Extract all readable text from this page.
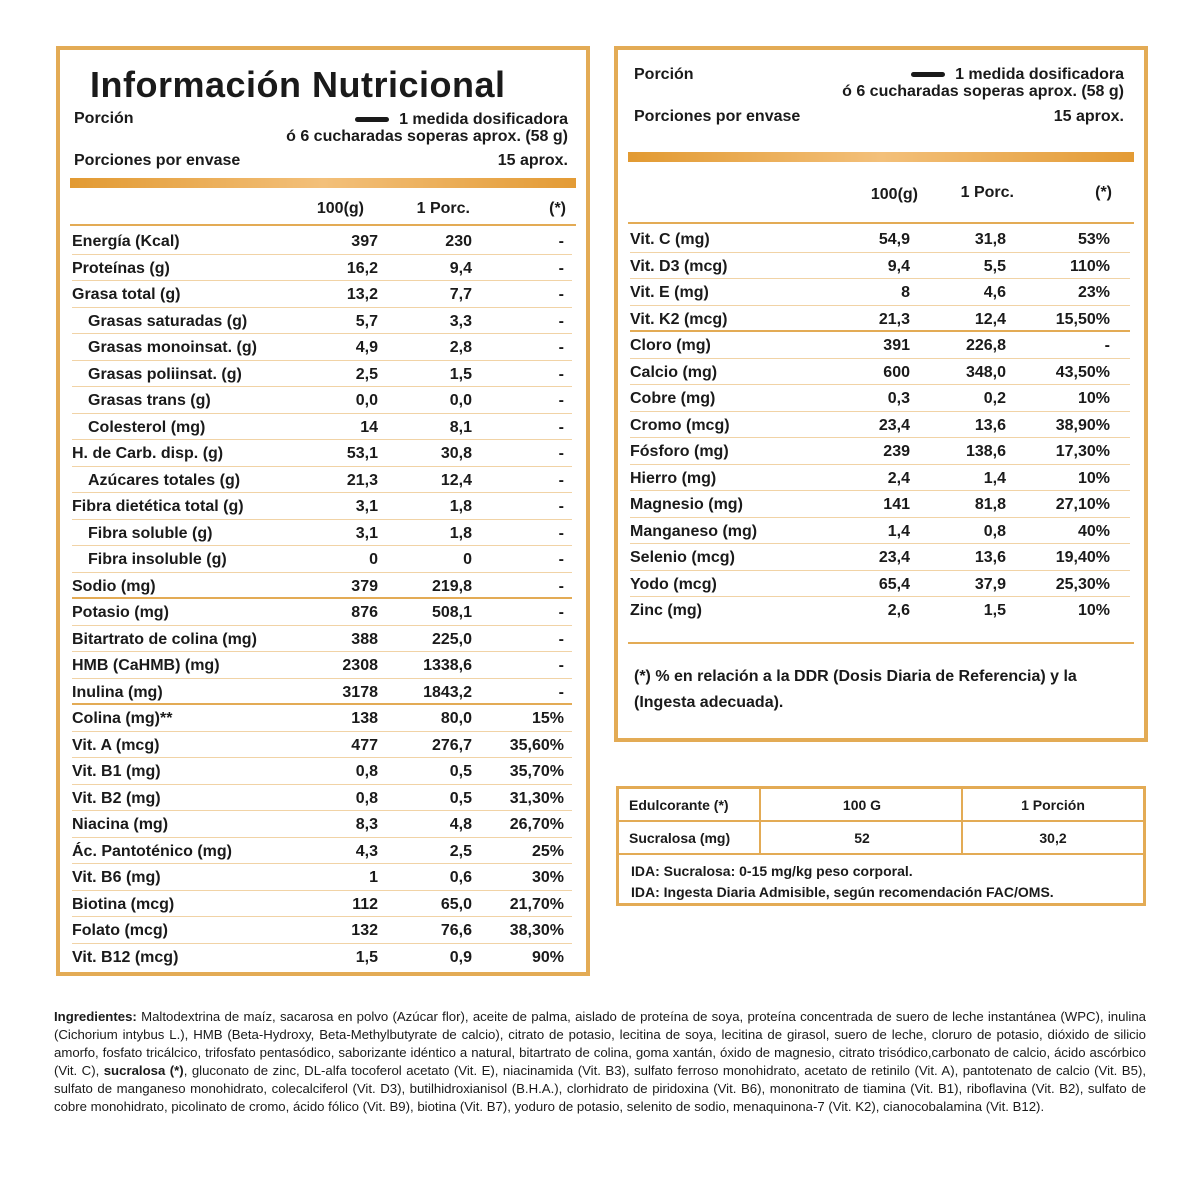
Información Nutricional
Porción	1 medida dosificadora
ó 6 cucharadas soperas aprox. (58 g)
Porciones por envase	15 aprox.
100(g)	1 Porc.	(*)
Energía (Kcal)	397	230	-
Proteínas (g)	16,2	9,4	-
Grasa total (g)	13,2	7,7	-
Grasas saturadas (g)	5,7	3,3	-
Grasas monoinsat. (g)	4,9	2,8	-
Grasas poliinsat. (g)	2,5	1,5	-
Grasas trans (g)	0,0	0,0	-
Colesterol (mg)	14	8,1	-
H. de Carb. disp. (g)	53,1	30,8	-
Azúcares totales (g)	21,3	12,4	-
Fibra dietética total (g)	3,1	1,8	-
Fibra soluble (g)	3,1	1,8	-
Fibra insoluble (g)	0	0	-
Sodio (mg)	379	219,8	-
Potasio (mg)	876	508,1	-
Bitartrato de colina (mg)	388	225,0	-
HMB (CaHMB) (mg)	2308	1338,6	-
Inulina (mg)	3178	1843,2	-
Colina (mg)**	138	80,0	15%
Vit. A (mcg)	477	276,7 35,60%
Vit. B1 (mg)	0,8	0,5 35,70%
Vit. B2 (mg)	0,8	0,5 31,30%
Niacina (mg)	8,3	4,8 26,70%
Ác. Pantoténico (mg)	4,3	2,5	25%
Vit. B6 (mg)	1	0,6	30%
Biotina (mcg)	112	65,0 21,70%
Folato (mcg)	132	76,6 38,30%
Vit. B12 (mcg)	1,5	0,9	90%
Porción	1 medida dosificadora
ó 6 cucharadas soperas aprox. (58 g)
Porciones por envase	15 aprox.
100(g)	1 Porc.	(*)
Vit. C (mg)	54,9	31,8	53%
Vit. D3 (mcg)	9,4	5,5	110%
Vit. E (mg)	8	4,6	23%
Vit. K2 (mcg)	21,3	12,4	15,50%
Cloro (mg)	391	226,8	-
Calcio (mg)	600	348,0	43,50%
Cobre (mg)	0,3	0,2	10%
Cromo (mcg)	23,4	13,6	38,90%
Fósforo (mg)	239	138,6	17,30%
Hierro (mg)	2,4	1,4	10%
Magnesio (mg)	141	81,8	27,10%
Manganeso (mg)	1,4	0,8	40%
Selenio (mcg)	23,4	13,6	19,40%
Yodo (mcg)	65,4	37,9	25,30%
Zinc (mg)	2,6	1,5	10%
(*) % en relación a la DDR (Dosis Diaria de Referencia) y la (Ingesta adecuada).
Edulcorante (*)	100 G	1 Porción
Sucralosa (mg)	52	30,2
IDA: Sucralosa: 0-15 mg/kg peso corporal.
IDA: Ingesta Diaria Admisible, según recomendación FAC/OMS.
Ingredientes: Maltodextrina de maíz, sacarosa en polvo (Azúcar flor), aceite de palma, aislado de proteína de soya, proteína concentrada de suero de leche instantánea (WPC), inulina (Cichorium intybus L.), HMB (Beta-Hydroxy, Beta-Methylbutyrate de calcio), citrato de potasio, lecitina de soya, lecitina de girasol, suero de leche, cloruro de potasio, dióxido de silicio amorfo, fosfato tricálcico, trifosfato pentasódico, saborizante idéntico a natural, bitartrato de colina, goma xantán, óxido de magnesio, citrato trisódico,carbonato de calcio, ácido ascórbico (Vit. C), sucralosa (*), gluconato de zinc, DL-alfa tocoferol acetato (Vit. E), niacinamida (Vit. B3), sulfato ferroso monohidrato, acetato de retinilo (Vit. A), pantotenato de calcio (Vit. B5), sulfato de manganeso monohidrato, colecalciferol (Vit. D3), butilhidroxianisol (B.H.A.), clorhidrato de piridoxina (Vit. B6), mononitrato de tiamina (Vit. B1), riboflavina (Vit. B2), sulfato de cobre monohidrato, picolinato de cromo, ácido fólico (Vit. B9), biotina (Vit. B7), yoduro de potasio, selenito de sodio, menaquinona-7 (Vit. K2), cianocobalamina (Vit. B12).
